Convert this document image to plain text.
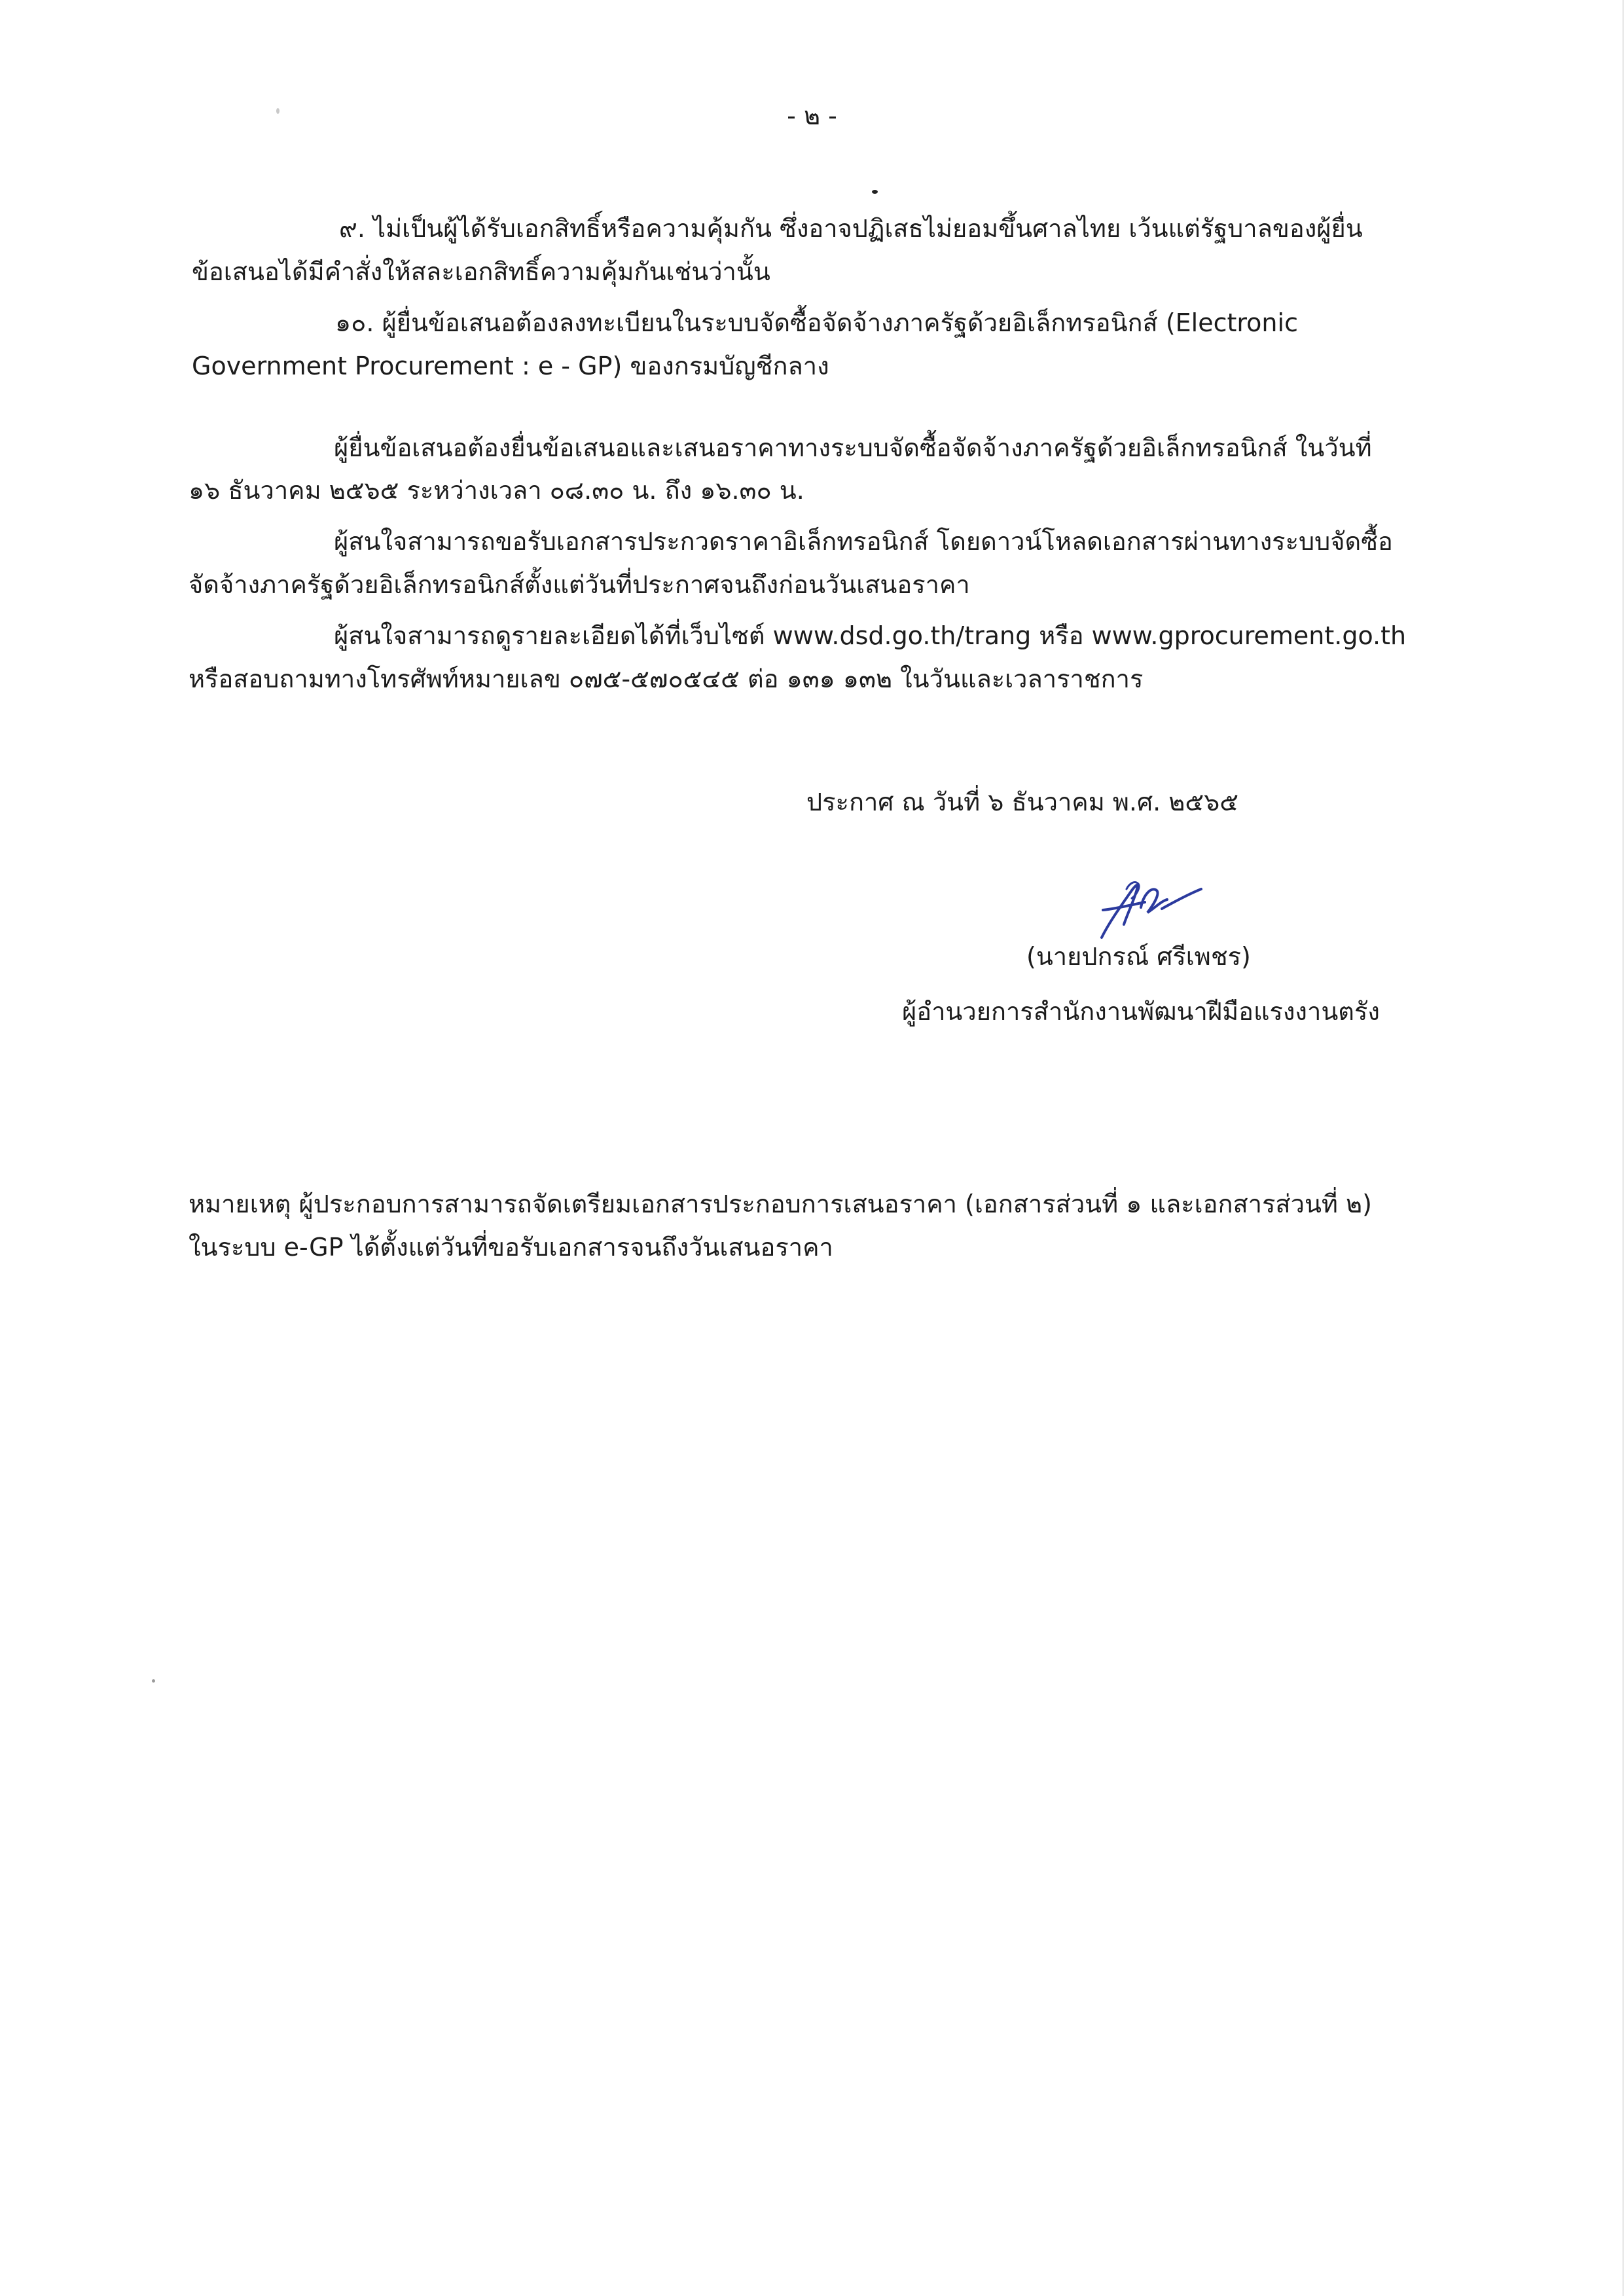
- ๒ -
๙. ไม่เป็นผู้ได้รับเอกสิทธิ์หรือความคุ้มกัน ซึ่งอาจปฏิเสธไม่ยอมขึ้นศาลไทย เว้นแต่รัฐบาลของผู้ยื่น
ข้อเสนอได้มีคำสั่งให้สละเอกสิทธิ์ความคุ้มกันเช่นว่านั้น
๑๐. ผู้ยื่นข้อเสนอต้องลงทะเบียนในระบบจัดซื้อจัดจ้างภาครัฐด้วยอิเล็กทรอนิกส์ (Electronic
Government Procurement : e - GP) ของกรมบัญชีกลาง
ผู้ยื่นข้อเสนอต้องยื่นข้อเสนอและเสนอราคาทางระบบจัดซื้อจัดจ้างภาครัฐด้วยอิเล็กทรอนิกส์ ในวันที่
๑๖ ธันวาคม ๒๕๖๕ ระหว่างเวลา ๐๘.๓๐ น. ถึง ๑๖.๓๐ น.
ผู้สนใจสามารถขอรับเอกสารประกวดราคาอิเล็กทรอนิกส์ โดยดาวน์โหลดเอกสารผ่านทางระบบจัดซื้อ
จัดจ้างภาครัฐด้วยอิเล็กทรอนิกส์ตั้งแต่วันที่ประกาศจนถึงก่อนวันเสนอราคา
ผู้สนใจสามารถดูรายละเอียดได้ที่เว็บไซต์ www.dsd.go.th/trang หรือ www.gprocurement.go.th
หรือสอบถามทางโทรศัพท์หมายเลข ๐๗๕-๕๗๐๕๔๕ ต่อ ๑๓๑ ๑๓๒ ในวันและเวลาราชการ
ประกาศ ณ วันที่ ๖ ธันวาคม พ.ศ. ๒๕๖๕
(นายปกรณ์ ศรีเพชร)
ผู้อำนวยการสำนักงานพัฒนาฝีมือแรงงานตรัง
หมายเหตุ ผู้ประกอบการสามารถจัดเตรียมเอกสารประกอบการเสนอราคา (เอกสารส่วนที่ ๑ และเอกสารส่วนที่ ๒)
ในระบบ e-GP ได้ตั้งแต่วันที่ขอรับเอกสารจนถึงวันเสนอราคา
